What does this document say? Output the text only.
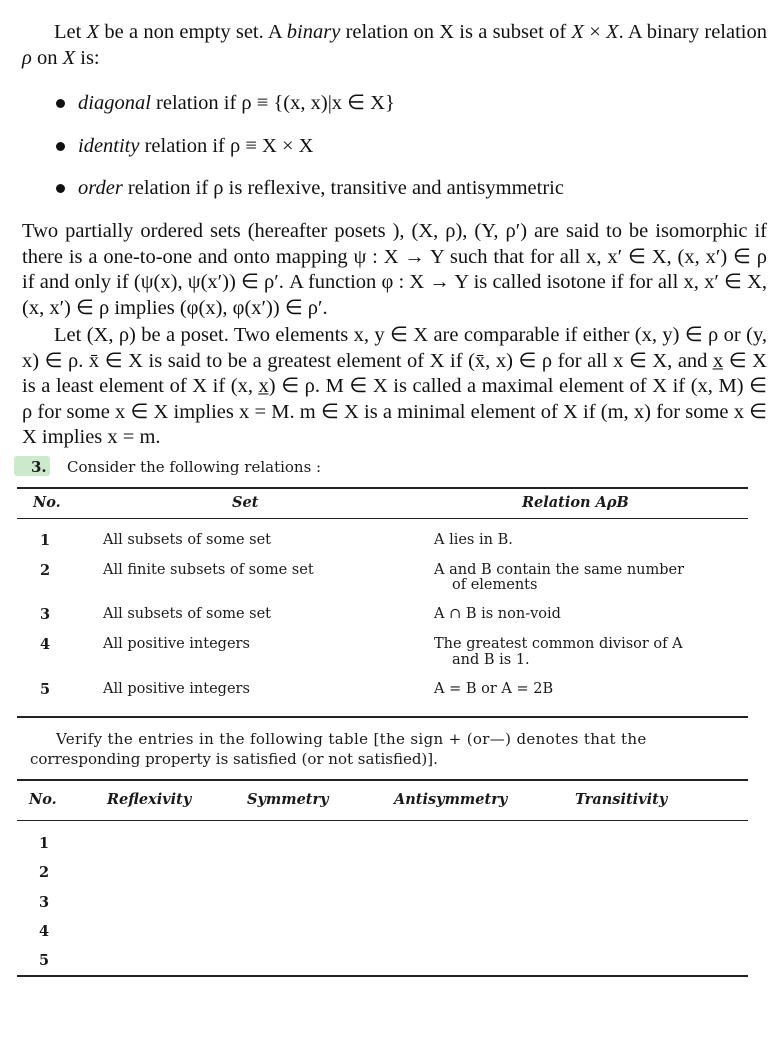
Let X be a non empty set. A binary relation on X is a subset of X × X. A binary relation ρ on X is:
diagonal relation if ρ ≡ {(x, x)|x ∈ X}
identity relation if ρ ≡ X × X
order relation if ρ is reflexive, transitive and antisymmetric
Two partially ordered sets (hereafter posets ), (X, ρ), (Y, ρ′) are said to be isomorphic if there is a one-to-one and onto mapping ψ : X → Y such that for all x, x′ ∈ X, (x, x′) ∈ ρ if and only if (ψ(x), ψ(x′)) ∈ ρ′. A function φ : X → Y is called isotone if for all x, x′ ∈ X, (x, x′) ∈ ρ implies (φ(x), φ(x′)) ∈ ρ′.
Let (X, ρ) be a poset. Two elements x, y ∈ X are comparable if either (x, y) ∈ ρ or (y, x) ∈ ρ. x̄ ∈ X is said to be a greatest element of X if (x̄, x) ∈ ρ for all x ∈ X, and x̲ ∈ X is a least element of X if (x, x̲) ∈ ρ. M ∈ X is called a maximal element of X if (x, M) ∈ ρ for some x ∈ X implies x = M. m ∈ X is a minimal element of X if (m, x) for some x ∈ X implies x = m.
3. Consider the following relations :
No.	Set	Relation AρB
1	All subsets of some set	A lies in B.
2	All finite subsets of some set	A and B contain the same number
of elements
3	All subsets of some set	A ∩ B is non-void
4	All positive integers	The greatest common divisor of A
and B is 1.
5	All positive integers	A = B or A = 2B
Verify the entries in the following table [the sign + (or—) denotes that the
corresponding property is satisfied (or not satisfied)].
No.	Reflexivity	Symmetry	Antisymmetry	Transitivity
1
2
3
4
5
